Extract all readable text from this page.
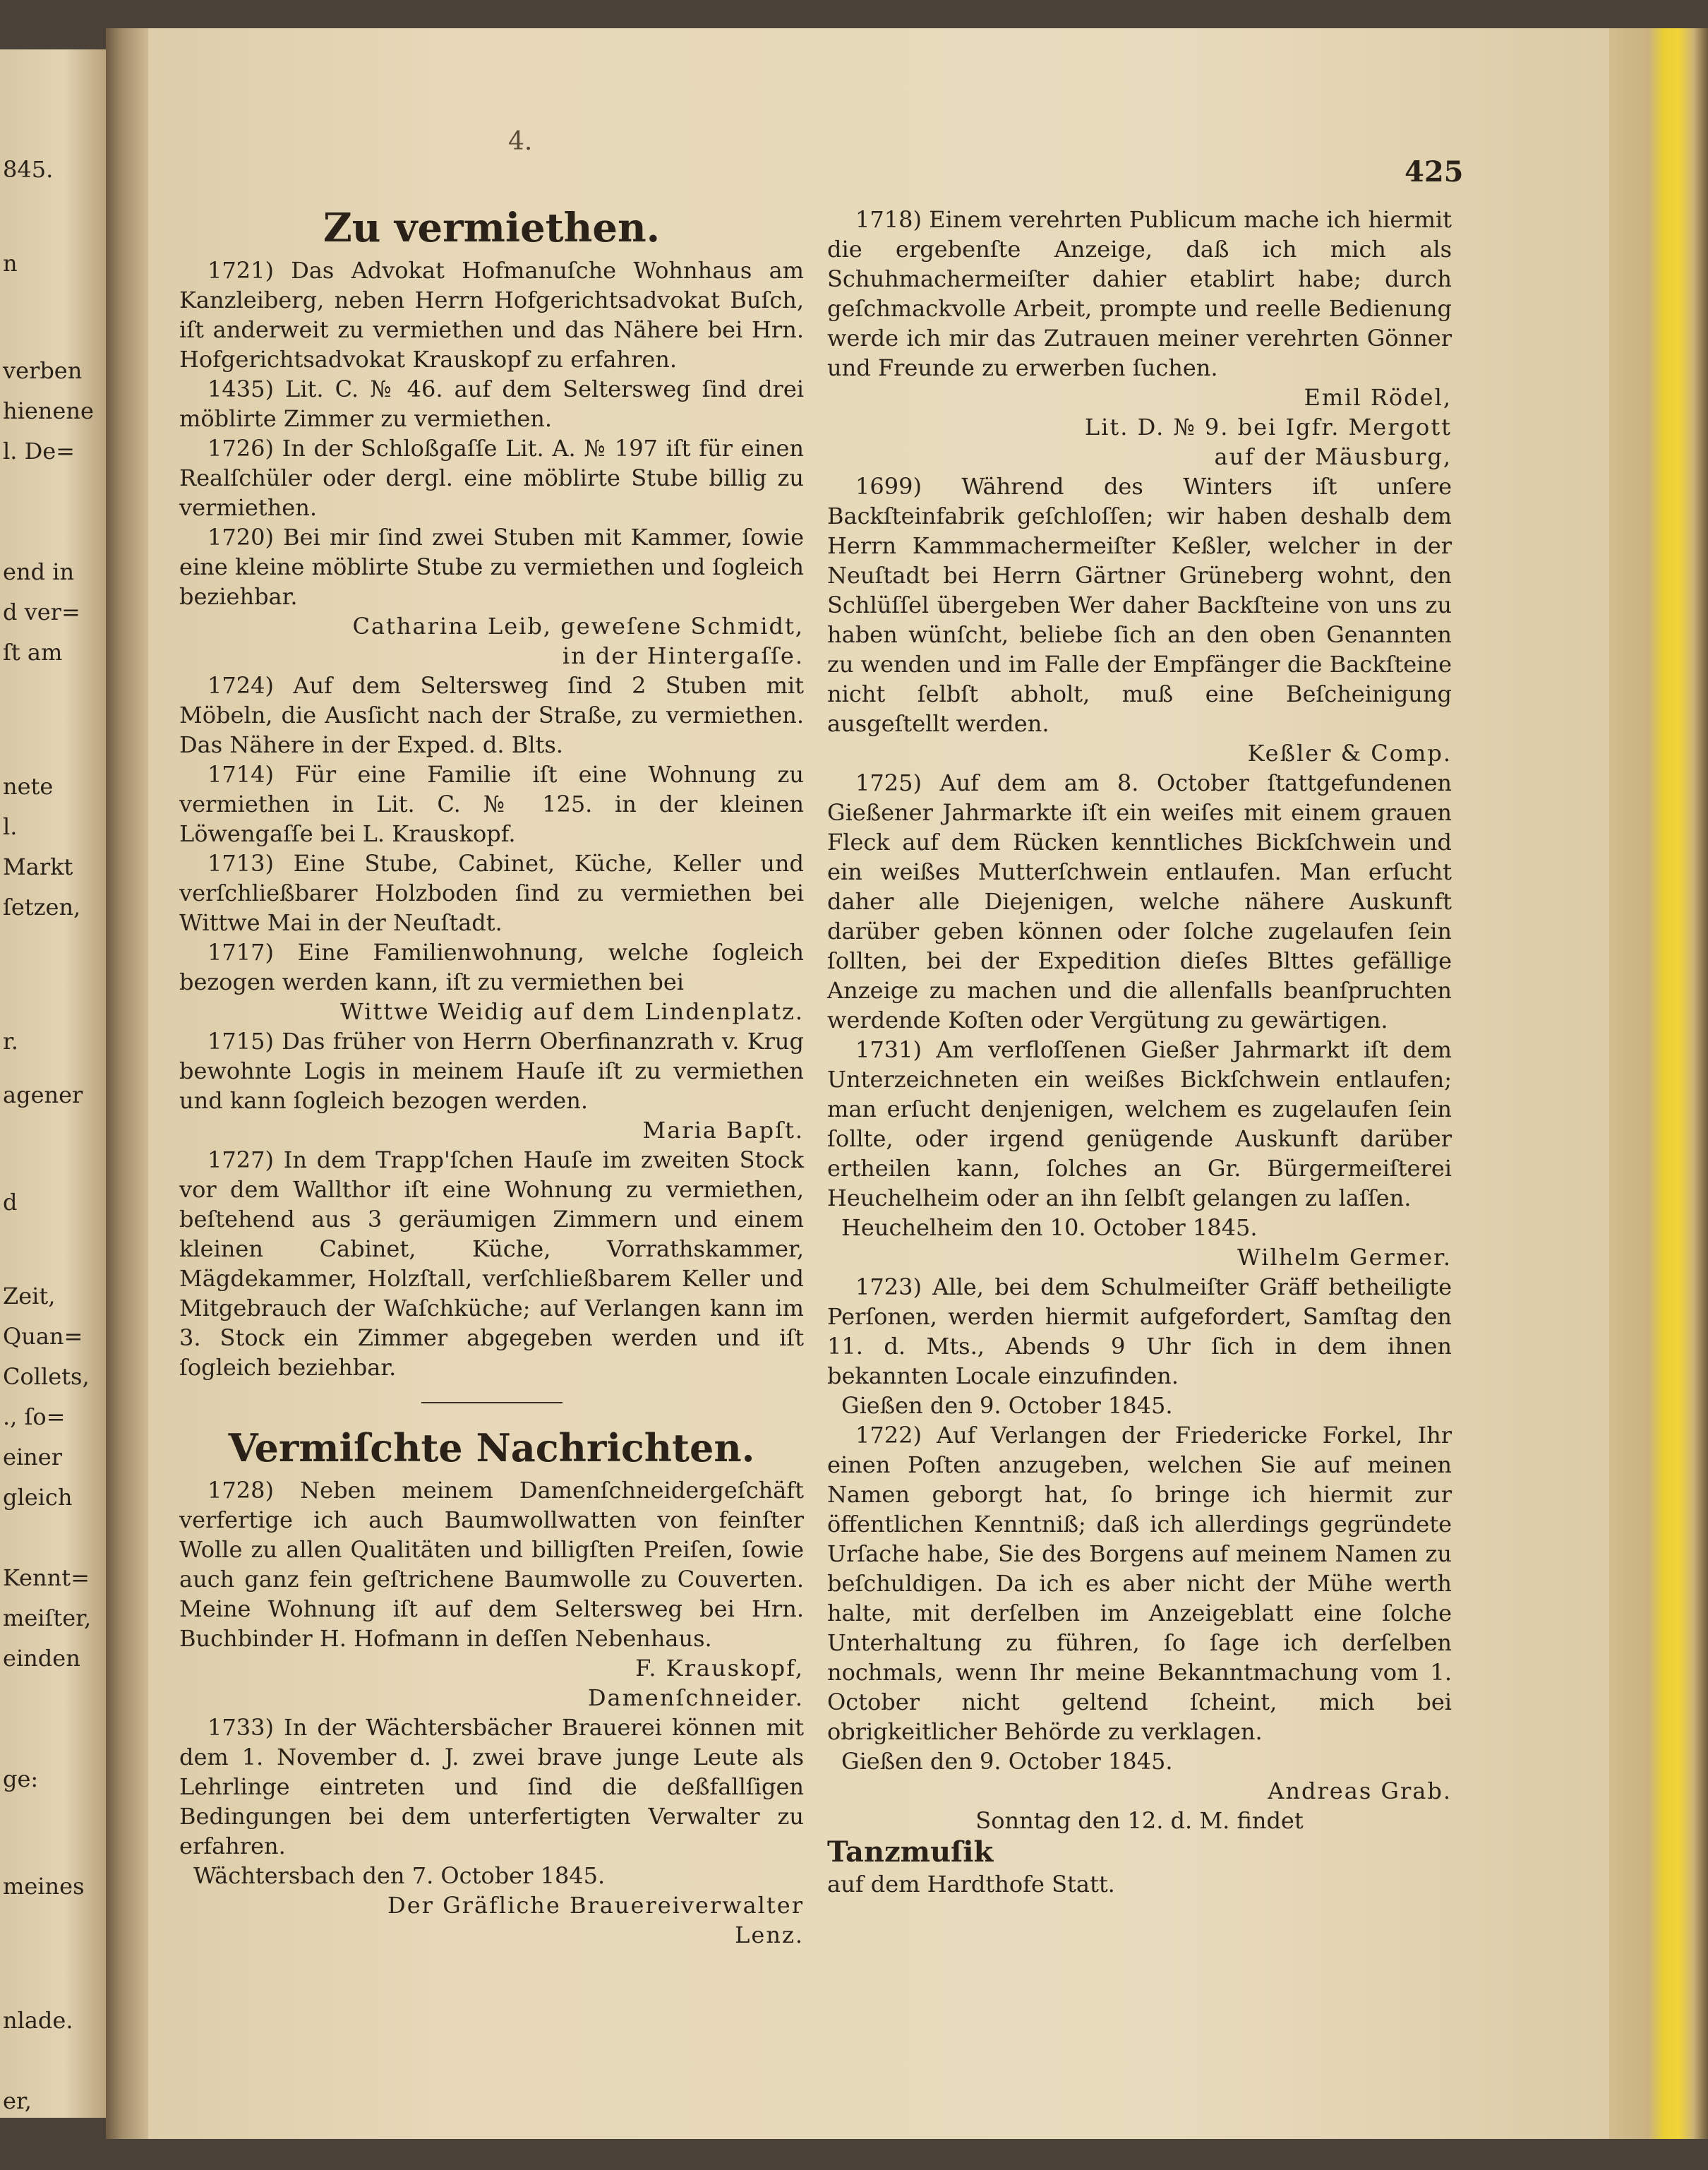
845.
n
verben
hienene
l. De=
end in
d ver=
ſt am
nete
l.
Markt
ſetzen,
r.
agener
d
Zeit,
Quan=
Collets,
., ſo=
einer
gleich
Kennt=
meiſter,
einden
ge:
meines
nlade.
er,
4.
425
Zu vermiethen.

1721) Das Advokat Hofmanuſche Wohnhaus am Kanzleiberg, neben Herrn Hofgerichtsadvokat Buſch, iſt anderweit zu vermiethen und das Nähere bei Hrn. Hofgerichtsadvokat Krauskopf zu erfahren.

1435) Lit. C. № 46. auf dem Seltersweg ſind drei möblirte Zimmer zu vermiethen.

1726) In der Schloßgaſſe Lit. A. № 197 iſt für einen Realſchüler oder dergl. eine möblirte Stube billig zu vermiethen.

1720) Bei mir ſind zwei Stuben mit Kammer, ſowie eine kleine möblirte Stube zu vermiethen und ſogleich beziehbar.

Catharina Leib, geweſene Schmidt,

in der Hintergaſſe.

1724) Auf dem Seltersweg ſind 2 Stuben mit Möbeln, die Ausſicht nach der Straße, zu vermiethen. Das Nähere in der Exped. d. Blts.

1714) Für eine Familie iſt eine Wohnung zu vermiethen in Lit. C. № 125. in der kleinen Löwengaſſe bei L. Krauskopf.

1713) Eine Stube, Cabinet, Küche, Keller und verſchließbarer Holzboden ſind zu vermiethen bei Wittwe Mai in der Neuſtadt.

1717) Eine Familienwohnung, welche ſogleich bezogen werden kann, iſt zu vermiethen bei

Wittwe Weidig auf dem Lindenplatz.

1715) Das früher von Herrn Oberfinanzrath v. Krug bewohnte Logis in meinem Hauſe iſt zu vermiethen und kann ſogleich bezogen werden.

Maria Bapſt.

1727) In dem Trapp'ſchen Hauſe im zweiten Stock vor dem Wallthor iſt eine Wohnung zu vermiethen, beſtehend aus 3 geräumigen Zimmern und einem kleinen Cabinet, Küche, Vorrathskammer, Mägdekammer, Holzſtall, verſchließbarem Keller und Mitgebrauch der Waſchküche; auf Verlangen kann im 3. Stock ein Zimmer abgegeben werden und iſt ſogleich beziehbar.

Vermiſchte Nachrichten.

1728) Neben meinem Damenſchneidergeſchäft verfertige ich auch Baumwollwatten von feinſter Wolle zu allen Qualitäten und billigſten Preiſen, ſowie auch ganz fein geſtrichene Baumwolle zu Couverten. Meine Wohnung iſt auf dem Seltersweg bei Hrn. Buchbinder H. Hofmann in deſſen Nebenhaus.

F. Krauskopf,

Damenſchneider.

1733) In der Wächtersbächer Brauerei können mit dem 1. November d. J. zwei brave junge Leute als Lehrlinge eintreten und ſind die deßfallſigen Bedingungen bei dem unterfertigten Verwalter zu erfahren.

Wächtersbach den 7. October 1845.

Der Gräfliche Brauereiverwalter

Lenz.

1718) Einem verehrten Publicum mache ich hiermit die ergebenſte Anzeige, daß ich mich als Schuhmachermeiſter dahier etablirt habe; durch geſchmackvolle Arbeit, prompte und reelle Bedienung werde ich mir das Zutrauen meiner verehrten Gönner und Freunde zu erwerben ſuchen.

Emil Rödel,

Lit. D. № 9. bei Igfr. Mergott

auf der Mäusburg,

1699) Während des Winters iſt unſere Backſteinfabrik geſchloſſen; wir haben deshalb dem Herrn Kammmachermeiſter Keßler, welcher in der Neuſtadt bei Herrn Gärtner Grüneberg wohnt, den Schlüſſel übergeben Wer daher Backſteine von uns zu haben wünſcht, beliebe ſich an den oben Genannten zu wenden und im Falle der Empfänger die Backſteine nicht ſelbſt abholt, muß eine Beſcheinigung ausgeſtellt werden.

Keßler & Comp.

1725) Auf dem am 8. October ſtattgefundenen Gießener Jahrmarkte iſt ein weiſes mit einem grauen Fleck auf dem Rücken kenntliches Bickſchwein und ein weißes Mutterſchwein entlaufen. Man erſucht daher alle Diejenigen, welche nähere Auskunft darüber geben können oder ſolche zugelaufen ſein ſollten, bei der Expedition dieſes Blttes gefällige Anzeige zu machen und die allenfalls beanſpruchten werdende Koſten oder Vergütung zu gewärtigen.

1731) Am verfloſſenen Gießer Jahrmarkt iſt dem Unterzeichneten ein weißes Bickſchwein entlaufen; man erſucht denjenigen, welchem es zugelaufen ſein ſollte, oder irgend genügende Auskunft darüber ertheilen kann, ſolches an Gr. Bürgermeiſterei Heuchelheim oder an ihn ſelbſt gelangen zu laſſen.

Heuchelheim den 10. October 1845.

Wilhelm Germer.

1723) Alle, bei dem Schulmeiſter Gräff betheiligte Perſonen, werden hiermit aufgefordert, Samſtag den 11. d. Mts., Abends 9 Uhr ſich in dem ihnen bekannten Locale einzufinden.

Gießen den 9. October 1845.

1722) Auf Verlangen der Friedericke Forkel, Ihr einen Poſten anzugeben, welchen Sie auf meinen Namen geborgt hat, ſo bringe ich hiermit zur öffentlichen Kenntniß; daß ich allerdings gegründete Urſache habe, Sie des Borgens auf meinem Namen zu beſchuldigen. Da ich es aber nicht der Mühe werth halte, mit derſelben im Anzeigeblatt eine ſolche Unterhaltung zu führen, ſo ſage ich derſelben nochmals, wenn Ihr meine Bekanntmachung vom 1. October nicht geltend ſcheint, mich bei obrigkeitlicher Behörde zu verklagen.

Gießen den 9. October 1845.

Andreas Grab.

Sonntag den 12. d. M. findet

Tanzmuſik

auf dem Hardthofe Statt.
